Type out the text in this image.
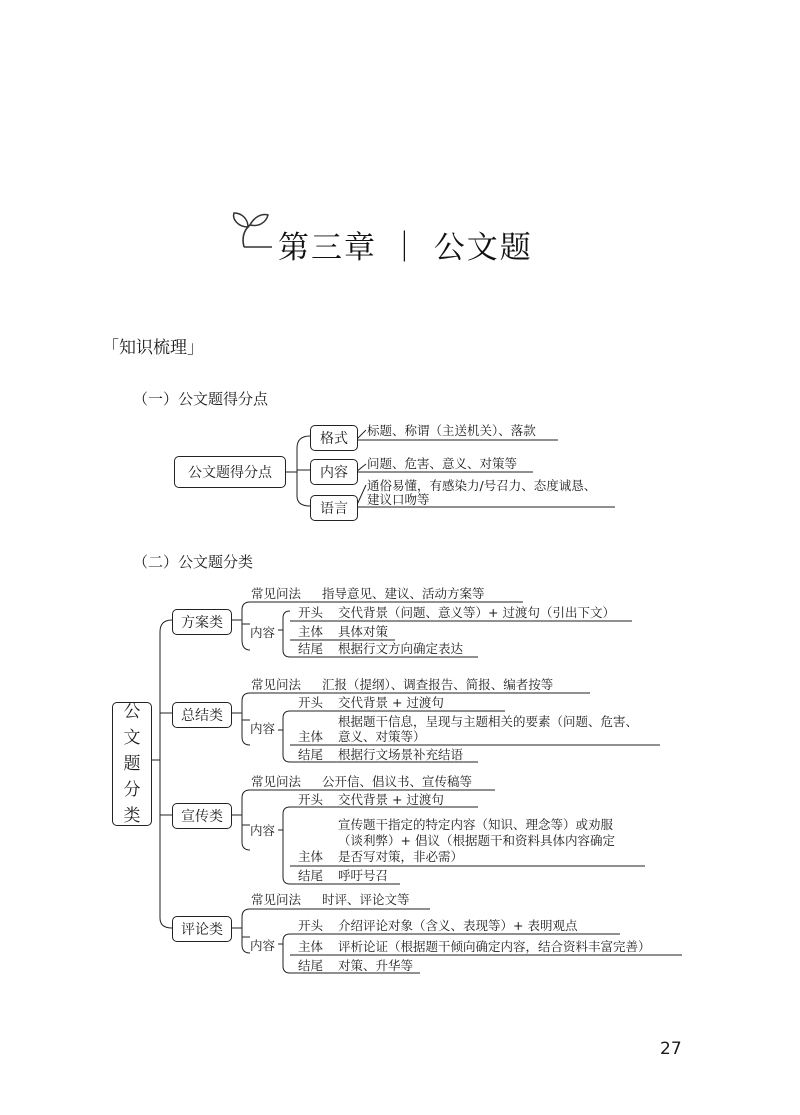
第三章 ｜ 公文题
「知识梳理」
（一）公文题得分点
公文题得分点
格式
内容
语言
标题、称谓（主送机关）、落款
问题、危害、意义、对策等
通俗易懂，有感染力/号召力、态度诚恳、
建议口吻等
（二）公文题分类
公
文
题
分
类
方案类
常见问法 指导意见、建议、活动方案等
内容
开头 交代背景（问题、意义等）+ 过渡句（引出下文）
主体 具体对策
结尾 根据行文方向确定表达
总结类
常见问法 汇报（提纲）、调查报告、简报、编者按等
内容
开头 交代背景 + 过渡句
主体
根据题干信息，呈现与主题相关的要素（问题、危害、
意义、对策等）
结尾 根据行文场景补充结语
宣传类
常见问法 公开信、倡议书、宣传稿等
内容
开头 交代背景 + 过渡句
主体
宣传题干指定的特定内容（知识、理念等）或劝服
（谈利弊）+ 倡议（根据题干和资料具体内容确定
是否写对策，非必需）
结尾 呼吁号召
评论类
常见问法 时评、评论文等
内容
开头 介绍评论对象（含义、表现等）+ 表明观点
主体 评析论证（根据题干倾向确定内容，结合资料丰富完善）
结尾 对策、升华等
27
